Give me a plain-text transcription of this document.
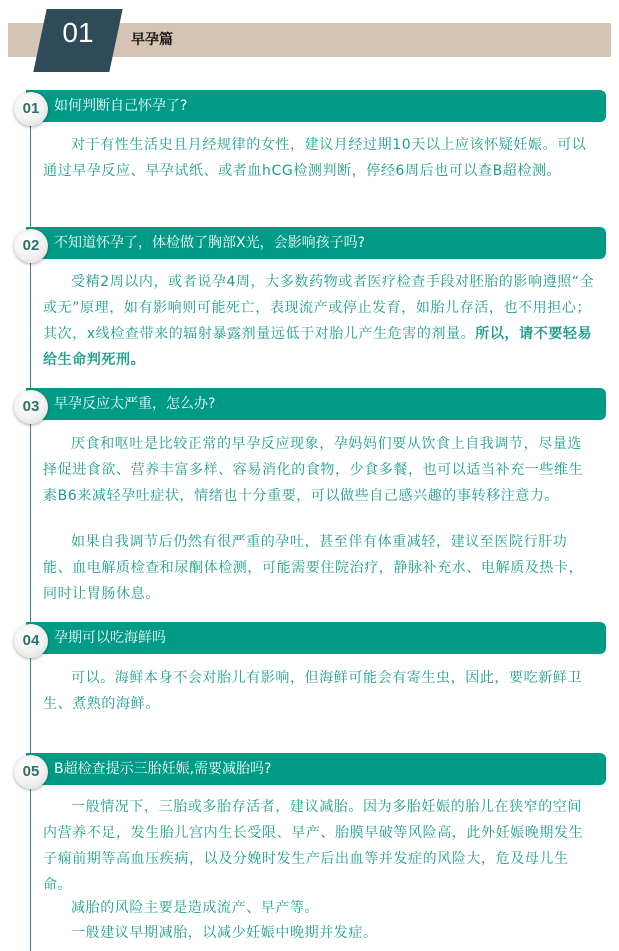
01	早孕篇
如何判断自己怀孕了?
01

对于有性生活史且月经规律的女性，建议月经过期10天以上应该怀疑妊娠。可以通过早孕反应、早孕试纸、或者血hCG检测判断，停经6周后也可以查B超检测。

不知道怀孕了，体检做了胸部X光，会影响孩子吗?
02

受精2周以内，或者说孕4周，大多数药物或者医疗检查手段对胚胎的影响遵照“全或无”原理，如有影响则可能死亡，表现流产或停止发育，如胎儿存活，也不用担心；其次，x线检查带来的辐射暴露剂量远低于对胎儿产生危害的剂量。所以，请不要轻易给生命判死刑。

早孕反应太严重，怎么办?
03

厌食和呕吐是比较正常的早孕反应现象，孕妈妈们要从饮食上自我调节，尽量选择促进食欲、营养丰富多样、容易消化的食物，少食多餐，也可以适当补充一些维生素B6来减轻孕吐症状，情绪也十分重要，可以做些自己感兴趣的事转移注意力。

如果自我调节后仍然有很严重的孕吐，甚至伴有体重减轻，建议至医院行肝功能、血电解质检查和尿酮体检测，可能需要住院治疗，静脉补充水、电解质及热卡，同时让胃肠休息。

孕期可以吃海鲜吗
04

可以。海鲜本身不会对胎儿有影响，但海鲜可能会有寄生虫，因此，要吃新鲜卫生、煮熟的海鲜。

B超检查提示三胎妊娠,需要减胎吗?
05

一般情况下，三胎或多胎存活者，建议减胎。因为多胎妊娠的胎儿在狭窄的空间内营养不足，发生胎儿宫内生长受限、早产、胎膜早破等风险高，此外妊娠晚期发生子痫前期等高血压疾病，以及分娩时发生产后出血等并发症的风险大，危及母儿生命。

减胎的风险主要是造成流产、早产等。

一般建议早期减胎，以减少妊娠中晚期并发症。
